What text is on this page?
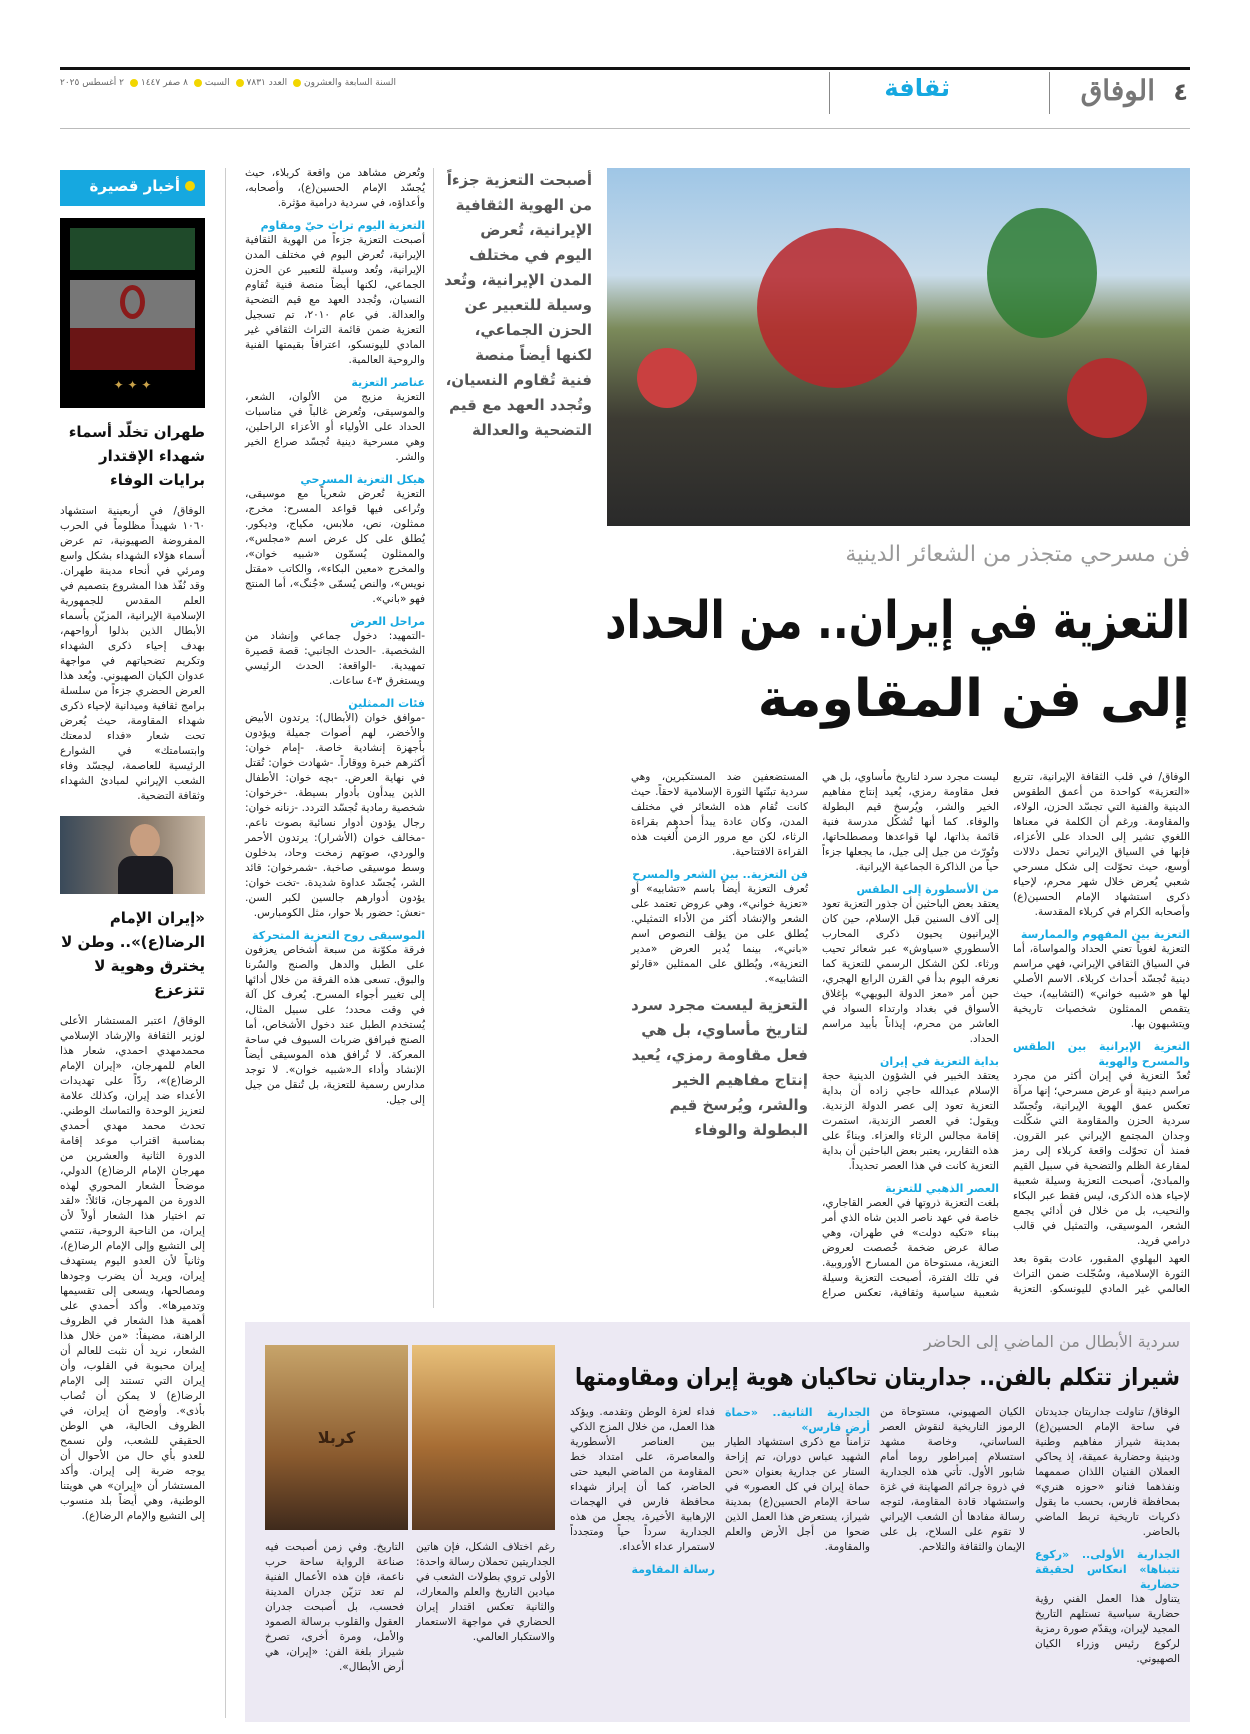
٤
الوفاق
ثقافة
السنة السابعة والعشرون العدد ٧٨٣١ السبت ٨ صفر ١٤٤٧ ٢ أغسطس ٢٠٢٥
أصبحت التعزية جزءاً من الهوية الثقافية الإيرانية، تُعرض اليوم في مختلف المدن الإيرانية، وتُعد وسيلة للتعبير عن الحزن الجماعي، لكنها أيضاً منصة فنية تُقاوم النسيان، وتُجدد العهد مع قيم التضحية والعدالة

وتُعرض مشاهد من واقعة كربلاء، حيث يُجسّد الإمام الحسين(ع)، وأصحابه، وأعداؤه، في سردية درامية مؤثرة.

التعزية اليوم تراث حيّ ومقاوم

أصبحت التعزية جزءاً من الهوية الثقافية الإيرانية، تُعرض اليوم في مختلف المدن الإيرانية، وتُعد وسيلة للتعبير عن الحزن الجماعي، لكنها أيضاً منصة فنية تُقاوم النسيان، وتُجدد العهد مع قيم التضحية والعدالة. في عام ٢٠١٠، تم تسجيل التعزية ضمن قائمة التراث الثقافي غير المادي لليونسكو، اعترافاً بقيمتها الفنية والروحية العالمية.

عناصر التعزية

التعزية مزيج من الألوان، الشعر، والموسيقى، وتُعرض غالباً في مناسبات الحداد على الأولياء أو الأعزاء الراحلين، وهي مسرحية دينية تُجسّد صراع الخير والشر.

هيكل التعزية المسرحي

التعزية تُعرض شعرياً مع موسيقى، وتُراعى فيها قواعد المسرح: مخرج، ممثلون، نص، ملابس، مكياج، وديكور. يُطلق على كل عرض اسم «مجلس»، والممثلون يُسمّون «شبيه خوان»، والمخرج «معين البكاء»، والكاتب «مقتل نويس»، والنص يُسمّى «جُنگ»، أما المنتج فهو «باني».

مراحل العرض

-التمهيد: دخول جماعي وإنشاد من الشخصية. -الحدث الجانبي: قصة قصيرة تمهيدية. -الواقعة: الحدث الرئيسي ويستغرق ٣-٤ ساعات.

فئات الممثلين

-موافق خوان (الأبطال): يرتدون الأبيض والأخضر، لهم أصوات جميلة ويؤدون بأجهزة إنشادية خاصة. -إمام خوان: أكثرهم خبرة ووقاراً. -شهادت خوان: تُقتل في نهاية العرض. -بچه خوان: الأطفال الذين يبدأون بأدوار بسيطة. -خرخوان: شخصية رمادية تُجسّد التردد. -زنانه خوان: رجال يؤدون أدوار نسائية بصوت ناعم. -مخالف خوان (الأشرار): يرتدون الأحمر والوردي، صوتهم زمخت وحاد، بدخلون وسط موسيقى صاخبة. -شمرخوان: قائد الشر، يُجسّد عداوة شديدة. -تخت خوان: يؤدون أدوارهم جالسين لكبر السن. -نعش: حضور بلا حوار، مثل الكومبارس.

الموسيقى روح التعزية المتحركة

فرقة مكوّنة من سبعة أشخاص يعزفون على الطبل والدهل والصنج والسُرنا والبوق. تسعى هذه الفرقة من خلال أدائها إلى تغيير أجواء المسرح. يُعرف كل آلة في وقت محدد؛ على سبيل المثال، يُستخدم الطبل عند دخول الأشخاص، أما الصنج فيرافق ضربات السيوف في ساحة المعركة. لا تُرافق هذه الموسيقى أيضاً الإنشاد وأداء الـ«شبيه خوان». لا توجد مدارس رسمية للتعزية، بل تُنقل من جيل إلى جيل.

فن مسرحي متجذر من الشعائر الدينية
التعزية في إيران.. من الحداد
إلى فن المقاومة

الوفاق/ في قلب الثقافة الإيرانية، تتربع «التعزية» كواحدة من أعمق الطقوس الدينية والفنية التي تجسّد الحزن، الولاء، والمقاومة. ورغم أن الكلمة في معناها اللغوي تشير إلى الحداد على الأعزاء، فإنها في السياق الإيراني تحمل دلالات أوسع، حيث تحوّلت إلى شكل مسرحي شعبي يُعرض خلال شهر محرم، لإحياء ذكرى استشهاد الإمام الحسين(ع) وأصحابه الكرام في كربلاء المقدسة.

التعزية بين المفهوم والممارسة

التعزية لغوياً تعني الحداد والمواساة، أما في السياق الثقافي الإيراني، فهي مراسم دينية تُجسّد أحداث كربلاء. الاسم الأصلي لها هو «شبيه خواني» (التشابيه)، حيث يتقمص الممثلون شخصيات تاريخية ويتشبهون بها.

التعزية الإيرانية بين الطقس والمسرح والهوية

تُعدّ التعزية في إيران أكثر من مجرد مراسم دينية أو عرض مسرحي؛ إنها مرآة تعكس عمق الهوية الإيرانية، وتُجسّد سردية الحزن والمقاومة التي شكّلت وجدان المجتمع الإيراني عبر القرون. فمنذ أن تحوّلت واقعة كربلاء إلى رمز لمقارعة الظلم والتضحية في سبيل القيم والمبادئ، أصبحت التعزية وسيلة شعبية لإحياء هذه الذكرى، ليس فقط عبر البكاء والنحيب، بل من خلال فن أدائي يجمع الشعر، الموسيقى، والتمثيل في قالب درامي فريد.

العهد البهلوي المقبور، عادت بقوة بعد الثورة الإسلامية، وسُجّلت ضمن التراث العالمي غير المادي لليونسكو. التعزية ليست مجرد سرد لتاريخ مأساوي، بل هي فعل مقاومة رمزي، يُعيد إنتاج مفاهيم الخير والشر، ويُرسخ قيم البطولة والوفاء. كما أنها تُشكّل مدرسة فنية قائمة بذاتها، لها قواعدها ومصطلحاتها، وتُورّث من جيل إلى جيل، ما يجعلها جزءاً حياً من الذاكرة الجماعية الإيرانية.

من الأسطورة إلى الطقس

يعتقد بعض الباحثين أن جذور التعزية تعود إلى آلاف السنين قبل الإسلام، حين كان الإيرانيون يحيون ذكرى المحارب الأسطوري «سياوش» عبر شعائر تحيب ورثاء. لكن الشكل الرسمي للتعزية كما نعرفه اليوم بدأ في القرن الرابع الهجري، حين أمر «معز الدولة البويهي» بإغلاق الأسواق في بغداد وارتداء السواد في العاشر من محرم، إيذاناً بأبيد مراسم الحداد.

بداية التعزية في إيران

يعتقد الخبير في الشؤون الدينية حجة الإسلام عبدالله حاجي زاده أن بداية التعزية تعود إلى عصر الدولة الزندية. ويقول: في العصر الزندية، استمرت إقامة مجالس الرثاء والعزاء. وبناءً على هذه التقارير، يعتبر بعض الباحثين أن بداية التعزية كانت في هذا العصر تحديداً.

العصر الذهبي للتعزية

بلغت التعزية ذروتها في العصر القاجاري، خاصة في عهد ناصر الدين شاه الذي أمر ببناء «تكيه دولت» في طهران، وهي صالة عرض ضخمة خُصصت لعروض التعزية، مستوحاة من المسارح الأوروبية. في تلك الفترة، أصبحت التعزية وسيلة شعبية سياسية وثقافية، تعكس صراع المستضعفين ضد المستكبرين، وهي سردية تبنّتها الثورة الإسلامية لاحقاً. حيث كانت تُقام هذه الشعائر في مختلف المدن، وكان عادة يبدأ أحدهم بقراءة الرثاء، لكن مع مرور الزمن أُلغيت هذه القراءة الافتتاحية.

فن التعزية.. بين الشعر والمسرح

تُعرف التعزية أيضاً باسم «تشابيه» أو «تعزية خواني»، وهي عروض تعتمد على الشعر والإنشاد أكثر من الأداء التمثيلي. يُطلق على من يؤلف النصوص اسم «باني»، بينما يُدير العرض «مدير التعزية»، ويُطلق على الممثلين «قارئو التشابيه».

التعزية ليست مجرد سرد لتاريخ مأساوي، بل هي فعل مقاومة رمزي، يُعيد إنتاج مفاهيم الخير والشر، ويُرسخ قيم البطولة والوفاء
أخبار قصيرة
✦ ✦ ✦
طهران تخلّد أسماء شهداء الإقتدار برايات الوفاء
الوفاق/ في أربعينية استشهاد ١٠٦٠ شهيداً مظلوماً في الحرب المفروضة الصهيونية، تم عرض أسماء هؤلاء الشهداء بشكل واسع ومرئي في أنحاء مدينة طهران. وقد نُفّذ هذا المشروع بتصميم في العلم المقدس للجمهورية الإسلامية الإيرانية، المزيّن بأسماء الأبطال الذين بذلوا أرواحهم، بهدف إحياء ذكرى الشهداء وتكريم تضحياتهم في مواجهة عدوان الكيان الصهيوني. ويُعد هذا العرض الحضري جزءاً من سلسلة برامج ثقافية وميدانية لإحياء ذكرى شهداء المقاومة، حيث يُعرض تحت شعار «فداء لدمعتك وابتسامتك» في الشوارع الرئيسية للعاصمة، ليجسّد وفاء الشعب الإيراني لمبادئ الشهداء وثقافة التضحية.
«إيران الإمام الرضا(ع)».. وطن لا يخترق وهوية لا تتزعزع
الوفاق/ اعتبر المستشار الأعلى لوزير الثقافة والإرشاد الإسلامي محمدمهدي احمدي، شعار هذا العام للمهرجان، «إيران الإمام الرضا(ع)»، ردّاً على تهديدات الأعداء ضد إيران، وكذلك علامة لتعزيز الوحدة والتماسك الوطني. تحدث محمد مهدي أحمدي بمناسبة اقتراب موعد إقامة الدورة الثانية والعشرين من مهرجان الإمام الرضا(ع) الدولي، موضحاً الشعار المحوري لهذه الدورة من المهرجان، قائلاً: «لقد تم اختيار هذا الشعار أولاً لأن إيران، من الناحية الروحية، تنتمي إلى التشيع وإلى الإمام الرضا(ع)، وثانياً لأن العدو اليوم يستهدف إيران، ويريد أن يضرب وجودها ومصالحها، ويسعى إلى تقسيمها وتدميرها». وأكد أحمدي على أهمية هذا الشعار في الظروف الراهنة، مضيفاً: «من خلال هذا الشعار، نريد أن نثبت للعالم أن إيران محبوبة في القلوب، وأن إيران التي تستند إلى الإمام الرضا(ع) لا يمكن أن تُصاب بأذى». وأوضح أن إيران، في الظروف الحالية، هي الوطن الحقيقي للشعب، ولن نسمح للعدو بأي حال من الأحوال أن يوجه ضربة إلى إيران. وأكد المستشار أن «إيران» هي هويتنا الوطنية، وهي أيضاً بلد منسوب إلى التشيع والإمام الرضا(ع).
سردية الأبطال من الماضي إلى الحاضر
شيراز تتكلم بالفن.. جداريتان تحاكيان هوية إيران ومقاومتها
کربلا

الوفاق/ تناولت جداريتان جديدتان في ساحة الإمام الحسين(ع) بمدينة شيراز مفاهيم وطنية ودينية وحضارية عميقة، إذ يحاكي العملان الفنيان اللذان صممهما ونفذهما فنانو «حوزه هنري» بمحافظة فارس، بحسب ما يقول ذكريات تاريخية تربط الماضي بالحاضر.

الجدارية الأولى.. «ركوع تتبناها» انعكاس لحقيقة حضارية

يتناول هذا العمل الفني رؤية حضارية سياسية تستلهم التاريخ المجيد لإيران، ويقدّم صورة رمزية لركوع رئيس وزراء الكيان الصهيوني.

الكيان الصهيوني، مستوحاة من الرموز التاريخية لنقوش العصر الساساني، وخاصة مشهد استسلام إمبراطور روما أمام شابور الأول. تأتي هذه الجدارية في ذروة جرائم الصهاينة في غزة واستشهاد قادة المقاومة، لتوجه رسالة مفادها أن الشعب الإيراني لا تقوم على السلاح، بل على الإيمان والثقافة والتلاحم.

الجدارية الثانية.. «حماة أرض فارس»

تزامناً مع ذكرى استشهاد الطيار الشهيد عباس دوران، تم إزاحة الستار عن جدارية بعنوان «نحن حماة إيران في كل العصور» في ساحة الإمام الحسين(ع) بمدينة شيراز، يستعرض هذا العمل الذين ضحوا من أجل الأرض والعلم والمقاومة.

فداء لعزة الوطن وتقدمه. ويؤكد هذا العمل، من خلال المزج الذكي بين العناصر الأسطورية والمعاصرة، على امتداد خط المقاومة من الماضي البعيد حتى الحاضر، كما أن إبراز شهداء محافظة فارس في الهجمات الإرهابية الأخيرة، يجعل من هذه الجدارية سرداً حياً ومتجدداً لاستمرار عداء الأعداء.

رسالة المقاومة

رغم اختلاف الشكل، فإن هاتين الجداريتين تحملان رسالة واحدة: الأولى تروي بطولات الشعب في ميادين التاريخ والعلم والمعارك، والثانية تعكس اقتدار إيران الحضاري في مواجهة الاستعمار والاستكبار العالمي.

التاريخ. وفي زمن أصبحت فيه صناعة الرواية ساحة حرب ناعمة، فإن هذه الأعمال الفنية لم تعد تزيّن جدران المدينة فحسب، بل أصبحت جدران العقول والقلوب برسالة الصمود والأمل، ومرة أخرى، تصرخ شيراز بلغة الفن: «إيران، هي أرض الأبطال».
